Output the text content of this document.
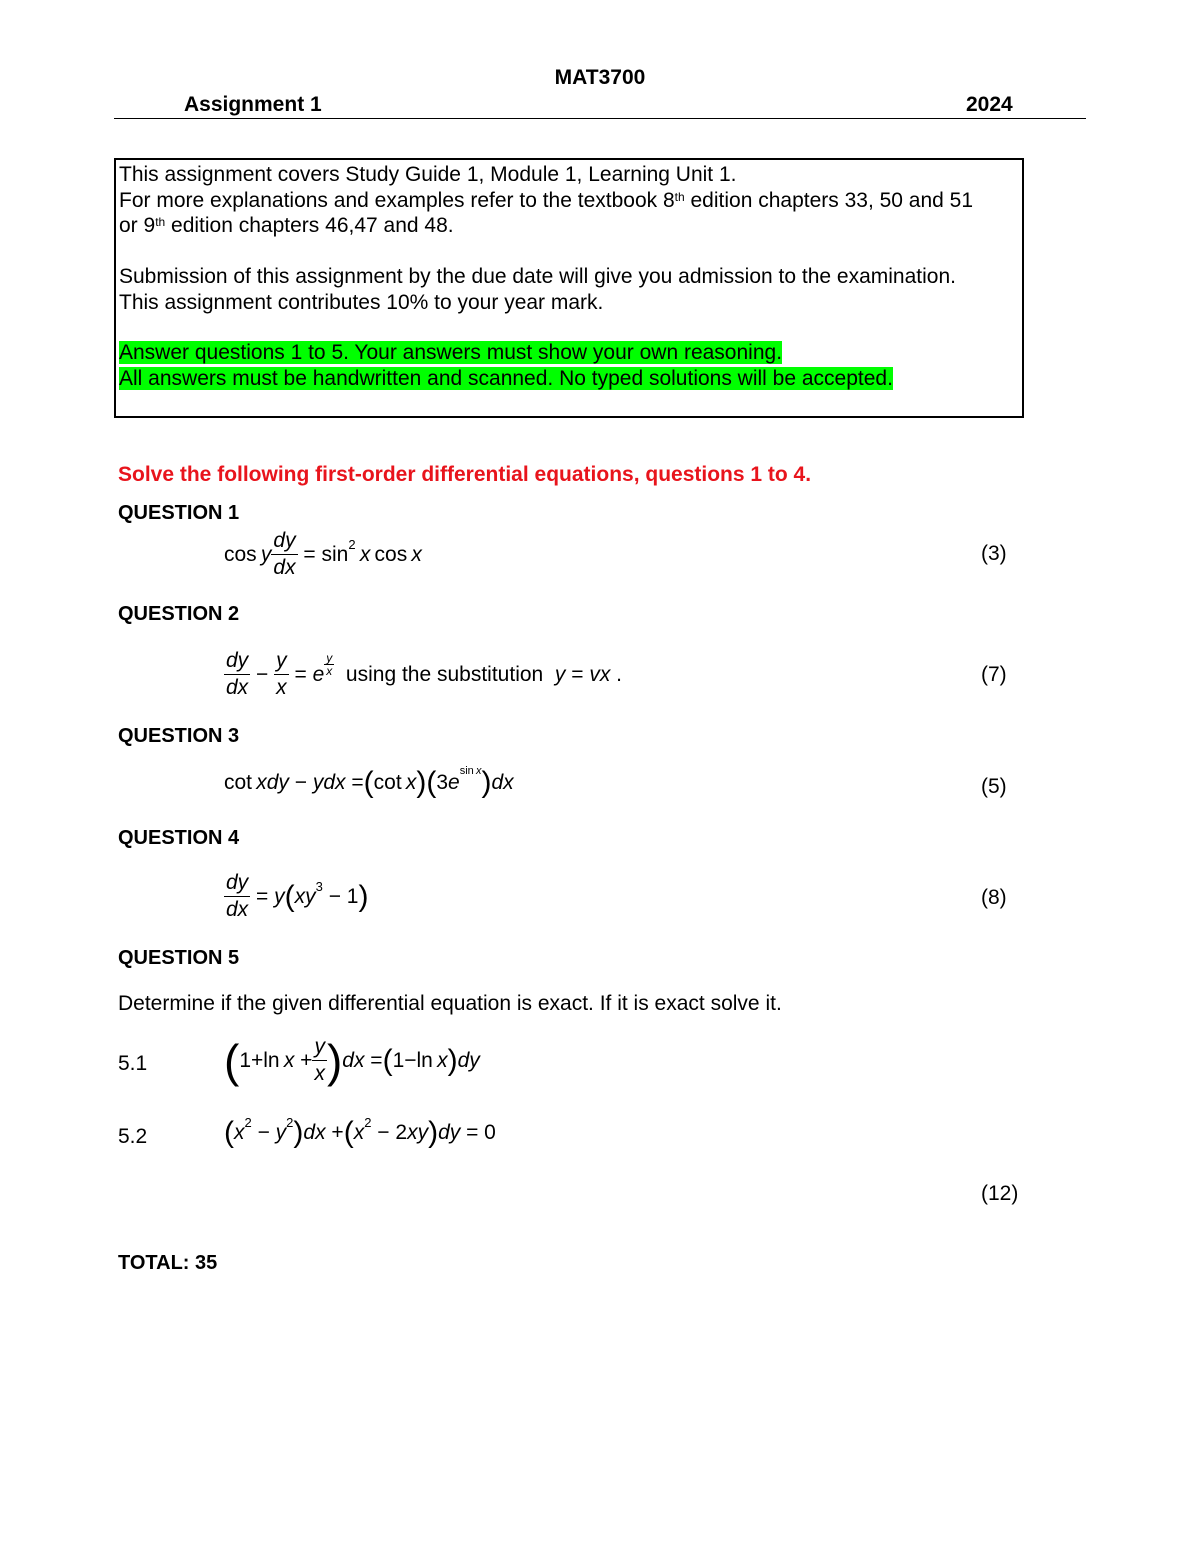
MAT3700
Assignment 1	2024
This assignment covers Study Guide 1, Module 1, Learning Unit 1.
For more explanations and examples refer to the textbook 8th edition chapters 33, 50 and 51
or 9th edition chapters 46,47 and 48.
Submission of this assignment by the due date will give you admission to the examination.
This assignment contributes 10% to your year mark.
Answer questions 1 to 5. Your answers must show your own reasoning.
All answers must be handwritten and scanned. No typed solutions will be accepted.
Solve the following first-order differential equations, questions 1 to 4.
QUESTION 1
cos y $\frac{dy}{dx} = \sin^2 x$ cos x	(3)
QUESTION 2
$\frac{dy}{dx} - \frac{y}{x} = e \frac{y}{x}$
using the substitution y = vx .	(7)
QUESTION 3
cot xdy − ydx = ( cot x ) ( $3e^{sin x}$ ) dx	(5)
QUESTION 4
$\frac{dy}{dx} = y$ ( $xy^3 - 1$ )	(8)
QUESTION 5
Determine if the given differential equation is exact. If it is exact solve it.
5.1 ( 1+ln $x + \frac{y}{x}$ ) dx = ( 1−ln x ) dy
5.2	( $x^2 - y^2$ ) dx + ( $x^2 - 2xy$ ) dy = 0
(12)
TOTAL: 35
